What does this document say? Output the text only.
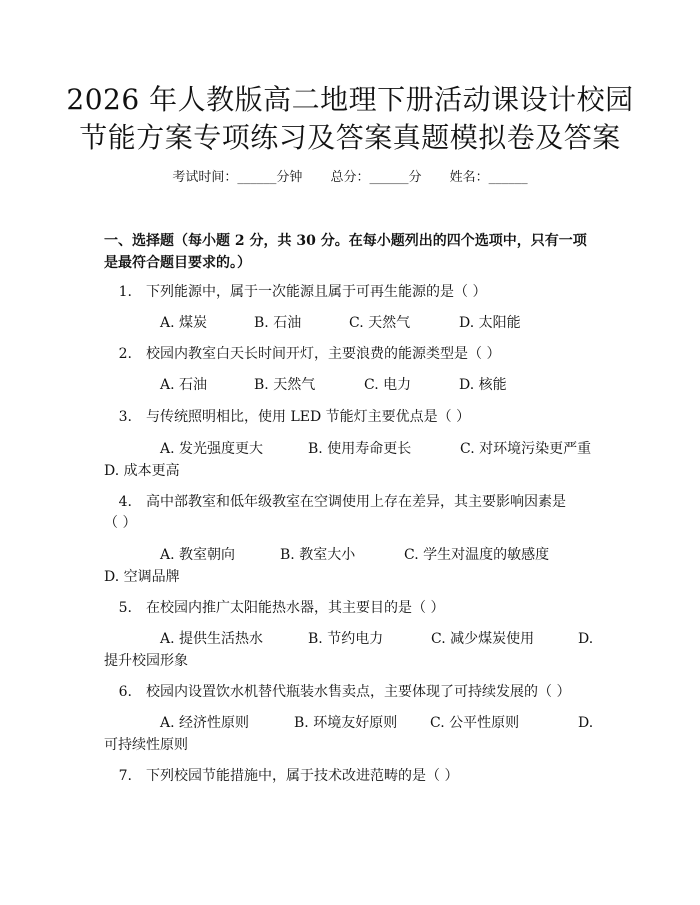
2026 年人教版高二地理下册活动课设计校园
节能方案专项练习及答案真题模拟卷及答案
考试时间：______分钟 总分：______分 姓名：______
一、选择题（每小题 2 分，共 30 分。在每小题列出的四个选项中，只有一项是最符合题目要求的。）
1. 下列能源中，属于一次能源且属于可再生能源的是（ ）
A. 煤炭	B. 石油	C. 天然气	D. 太阳能
2. 校园内教室白天长时间开灯，主要浪费的能源类型是（ ）
A. 石油	B. 天然气	C. 电力	D. 核能
3. 与传统照明相比，使用 LED 节能灯主要优点是（ ）
A. 发光强度更大	B. 使用寿命更长	C. 对环境污染更严重
D. 成本更高
4. 高中部教室和低年级教室在空调使用上存在差异，其主要影响因素是
（ ）
A. 教室朝向	B. 教室大小	C. 学生对温度的敏感度
D. 空调品牌
5. 在校园内推广太阳能热水器，其主要目的是（ ）
A. 提供生活热水	B. 节约电力	C. 减少煤炭使用	D.
提升校园形象
6. 校园内设置饮水机替代瓶装水售卖点，主要体现了可持续发展的（ ）
A. 经济性原则	B. 环境友好原则 C. 公平性原则	D.
可持续性原则
7. 下列校园节能措施中，属于技术改进范畴的是（ ）
